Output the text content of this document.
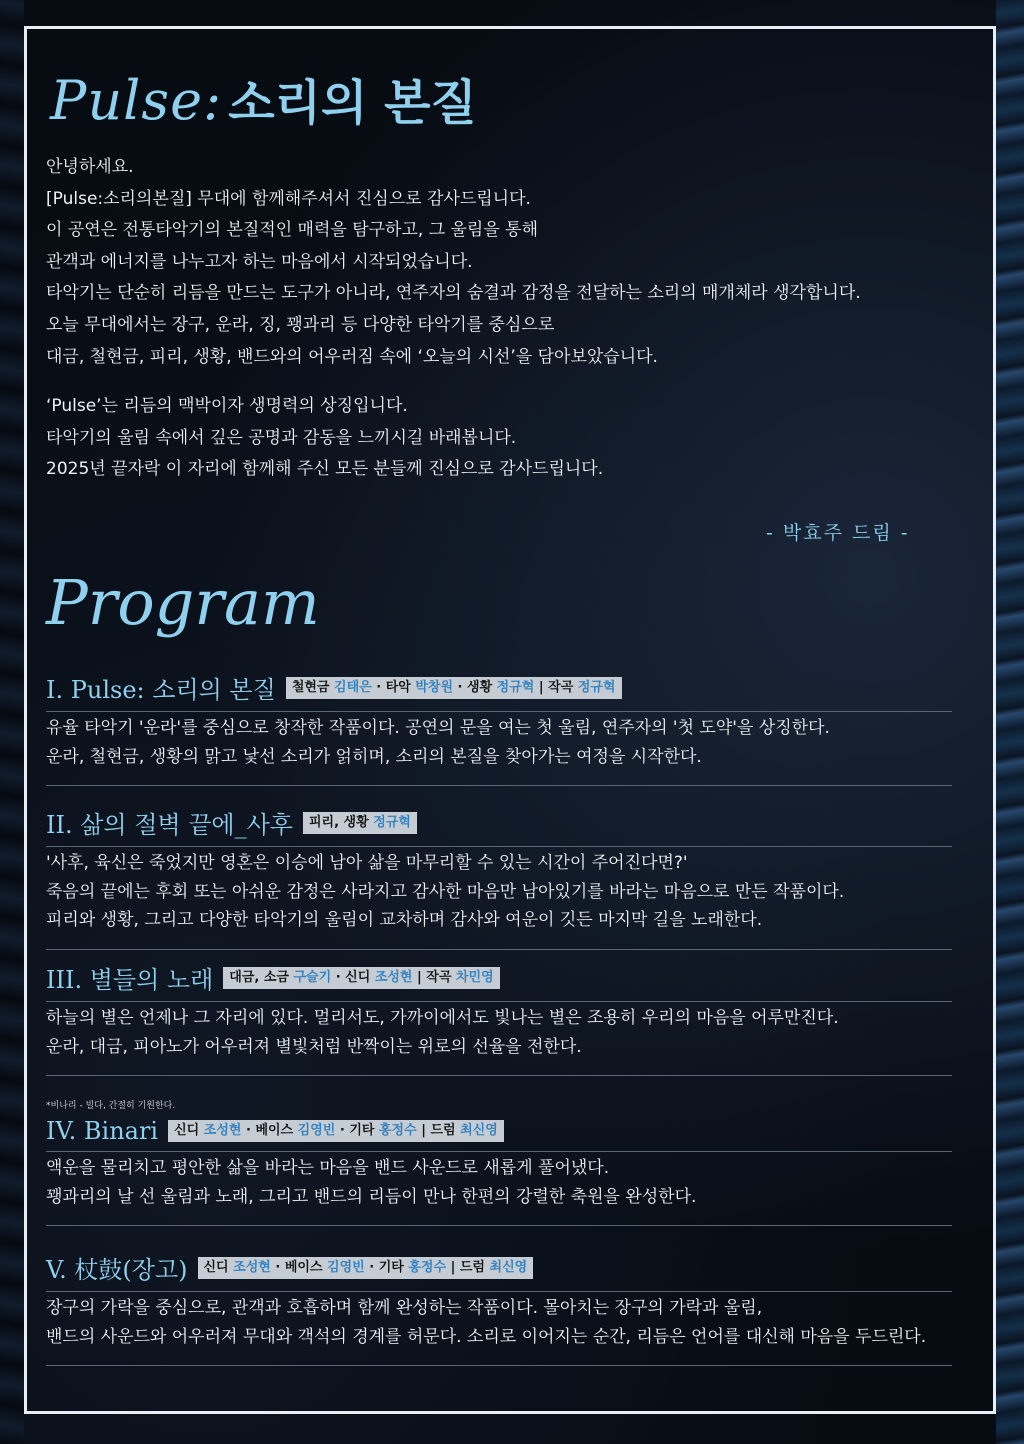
Pulse: 소리의 본질

안녕하세요.

[Pulse:소리의본질] 무대에 함께해주셔서 진심으로 감사드립니다.

이 공연은 전통타악기의 본질적인 매력을 탐구하고, 그 울림을 통해

관객과 에너지를 나누고자 하는 마음에서 시작되었습니다.

타악기는 단순히 리듬을 만드는 도구가 아니라, 연주자의 숨결과 감정을 전달하는 소리의 매개체라 생각합니다.

오늘 무대에서는 장구, 운라, 징, 꽹과리 등 다양한 타악기를 중심으로

대금, 철현금, 피리, 생황, 밴드와의 어우러짐 속에 ‘오늘의 시선’을 담아보았습니다.

‘Pulse’는 리듬의 맥박이자 생명력의 상징입니다.

타악기의 울림 속에서 깊은 공명과 감동을 느끼시길 바래봅니다.

2025년 끝자락 이 자리에 함께해 주신 모든 분들께 진심으로 감사드립니다.

- 박효주 드림 -
Program
I. Pulse: 소리의 본질	철현금 김태은 · 타악 박창원 · 생황 정규혁 | 작곡 정규혁

유율 타악기 '운라'를 중심으로 창작한 작품이다. 공연의 문을 여는 첫 울림, 연주자의 '첫 도약'을 상징한다.

운라, 철현금, 생황의 맑고 낯선 소리가 얽히며, 소리의 본질을 찾아가는 여정을 시작한다.

II. 삶의 절벽 끝에_사후	피리, 생황 정규혁

'사후, 육신은 죽었지만 영혼은 이승에 남아 삶을 마무리할 수 있는 시간이 주어진다면?'

죽음의 끝에는 후회 또는 아쉬운 감정은 사라지고 감사한 마음만 남아있기를 바라는 마음으로 만든 작품이다.

피리와 생황, 그리고 다양한 타악기의 울림이 교차하며 감사와 여운이 깃든 마지막 길을 노래한다.

III. 별들의 노래	대금, 소금 구슬기 · 신디 조성현 | 작곡 차민영

하늘의 별은 언제나 그 자리에 있다. 멀리서도, 가까이에서도 빛나는 별은 조용히 우리의 마음을 어루만진다.

운라, 대금, 피아노가 어우러져 별빛처럼 반짝이는 위로의 선율을 전한다.

*비나리 - 빌다, 간절히 기원한다.
IV. Binari	신디 조성현 · 베이스 김영빈 · 기타 홍정수 | 드럼 최신영

액운을 물리치고 평안한 삶을 바라는 마음을 밴드 사운드로 새롭게 풀어냈다.

꽹과리의 날 선 울림과 노래, 그리고 밴드의 리듬이 만나 한편의 강렬한 축원을 완성한다.

V. 杖鼓(장고)	신디 조성현 · 베이스 김영빈 · 기타 홍정수 | 드럼 최신영

장구의 가락을 중심으로, 관객과 호흡하며 함께 완성하는 작품이다. 몰아치는 장구의 가락과 울림,

밴드의 사운드와 어우러져 무대와 객석의 경계를 허문다. 소리로 이어지는 순간, 리듬은 언어를 대신해 마음을 두드린다.
